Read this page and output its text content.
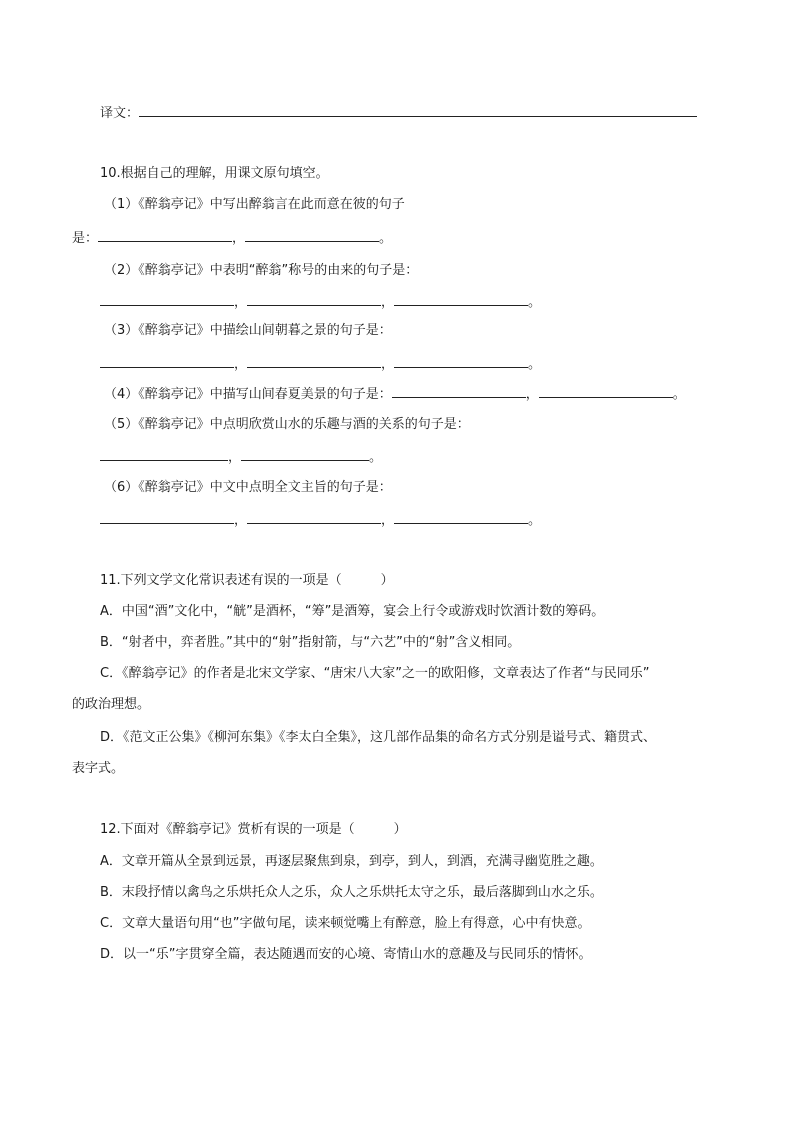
译文：
10.根据自己的理解，用课文原句填空。
（1）《醉翁亭记》中写出醉翁言在此而意在彼的句子
是：	，	。
（2）《醉翁亭记》中表明“醉翁”称号的由来的句子是：
，	，	。
（3）《醉翁亭记》中描绘山间朝暮之景的句子是：
，	，	。
（4）《醉翁亭记》中描写山间春夏美景的句子是：	，	。
（5）《醉翁亭记》中点明欣赏山水的乐趣与酒的关系的句子是：
，	。
（6）《醉翁亭记》中文中点明全文主旨的句子是：
，	，	。
11.下列文学文化常识表述有误的一项是（　　　）
A．中国“酒”文化中，“觥”是酒杯，“筹”是酒筹，宴会上行令或游戏时饮酒计数的筹码。
B．“射者中，弈者胜。”其中的“射”指射箭，与“六艺”中的“射”含义相同。
C．《醉翁亭记》的作者是北宋文学家、“唐宋八大家”之一的欧阳修，文章表达了作者“与民同乐”
的政治理想。
D．《范文正公集》《柳河东集》《李太白全集》，这几部作品集的命名方式分别是谥号式、籍贯式、
表字式。
12.下面对《醉翁亭记》赏析有误的一项是（　　　）
A．文章开篇从全景到远景，再逐层聚焦到泉，到亭，到人，到酒，充满寻幽览胜之趣。
B．末段抒情以禽鸟之乐烘托众人之乐，众人之乐烘托太守之乐，最后落脚到山水之乐。
C．文章大量语句用“也”字做句尾，读来顿觉嘴上有醉意，脸上有得意，心中有快意。
D．以一“乐”字贯穿全篇，表达随遇而安的心境、寄情山水的意趣及与民同乐的情怀。
